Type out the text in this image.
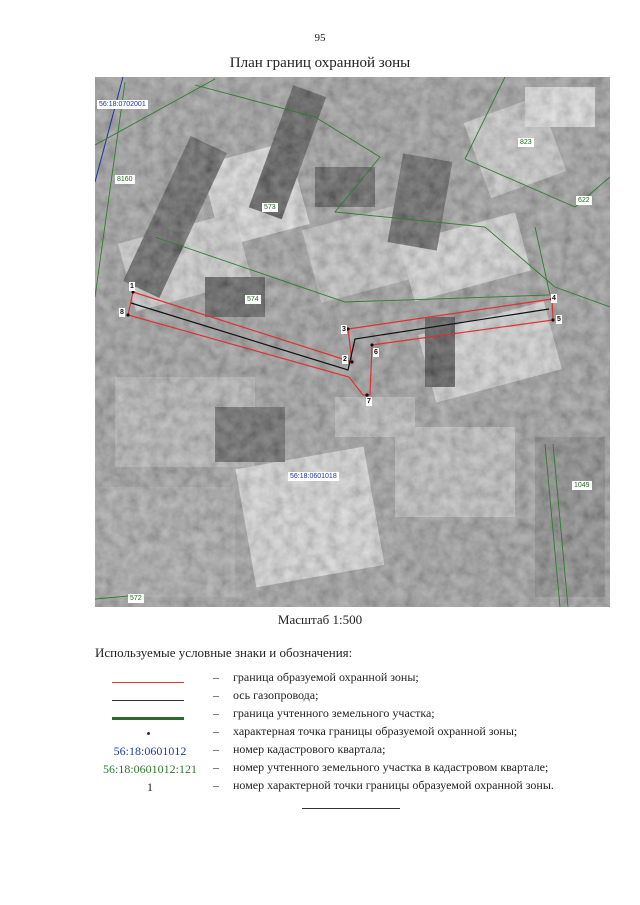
95
План границ охранной зоны
56:18:0702001
56:18:0601018
8160
573
574
823
622
1049
572
1
2
3
4
5
6
7
8
Масштаб 1:500
Используемые условные знаки и обозначения:
– граница образуемой охранной зоны;
– ось газопровода;
– граница учтенного земельного участка;
– характерная точка границы образуемой охранной зоны;
56:18:0601012	– номер кадастрового квартала;
56:18:0601012:121	– номер учтенного земельного участка в кадастровом квартале;
1	– номер характерной точки границы образуемой охранной зоны.
